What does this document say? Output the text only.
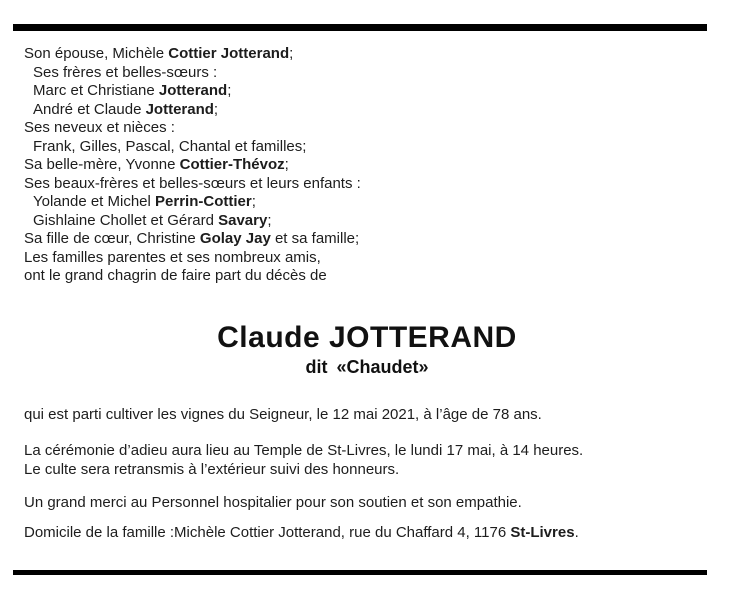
Son épouse, Michèle Cottier Jotterand;
Ses frères et belles-sœurs :
Marc et Christiane Jotterand;
André et Claude Jotterand;
Ses neveux et nièces :
Frank, Gilles, Pascal, Chantal et familles;
Sa belle-mère, Yvonne Cottier-Thévoz;
Ses beaux-frères et belles-sœurs et leurs enfants :
Yolande et Michel Perrin-Cottier;
Gishlaine Chollet et Gérard Savary;
Sa fille de cœur, Christine Golay Jay et sa famille;
Les familles parentes et ses nombreux amis,
ont le grand chagrin de faire part du décès de
Claude JOTTERAND
dit «Chaudet»
qui est parti cultiver les vignes du Seigneur, le 12 mai 2021, à l’âge de 78 ans.
La cérémonie d’adieu aura lieu au Temple de St-Livres, le lundi 17 mai, à 14 heures.
Le culte sera retransmis à l’extérieur suivi des honneurs.
Un grand merci au Personnel hospitalier pour son soutien et son empathie.
Domicile de la famille :Michèle Cottier Jotterand, rue du Chaffard 4, 1176 St-Livres.
